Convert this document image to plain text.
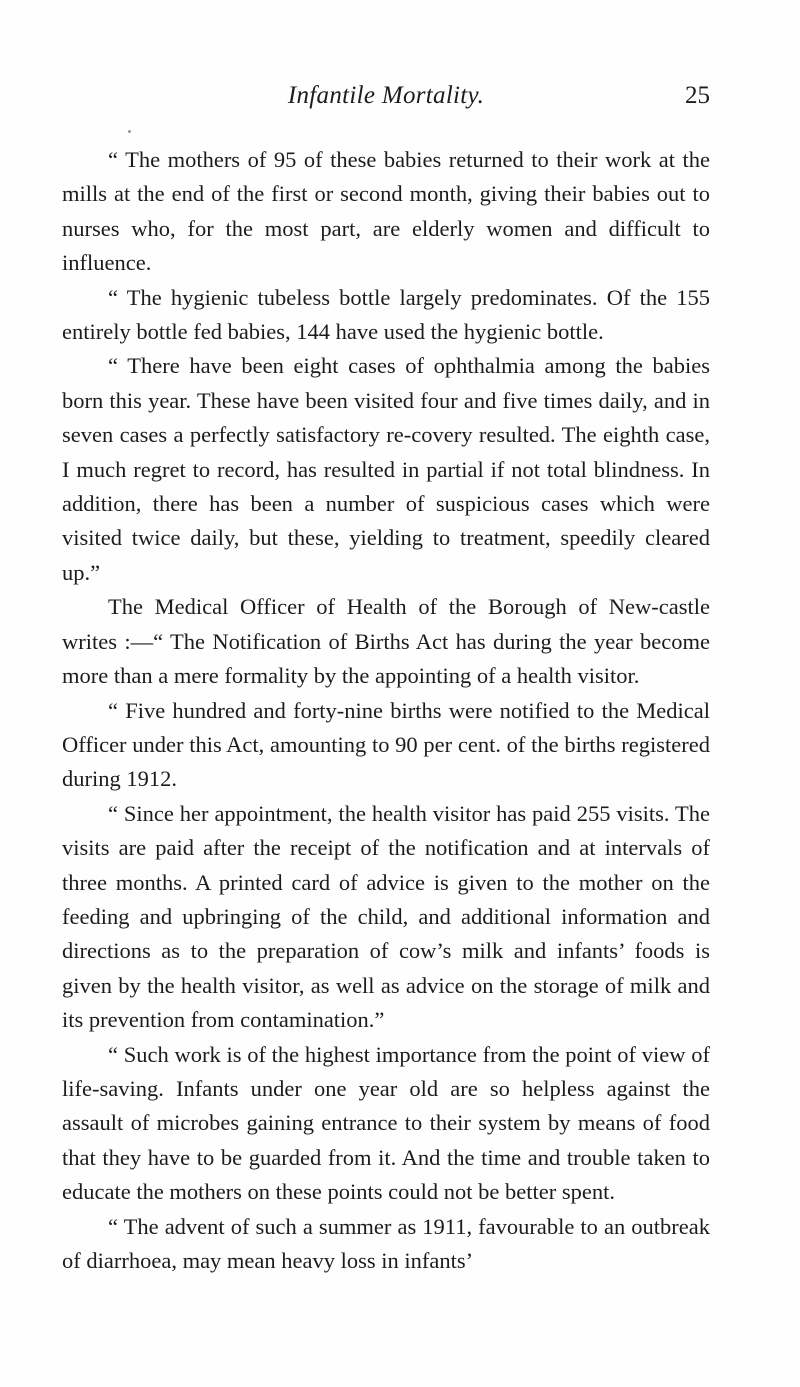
Infantile Mortality.	25

“ The mothers of 95 of these babies returned to their work at the mills at the end of the first or second month, giving their babies out to nurses who, for the most part, are elderly women and difficult to influence.

“ The hygienic tubeless bottle largely predominates. Of the 155 entirely bottle fed babies, 144 have used the hygienic bottle.

“ There have been eight cases of ophthalmia among the babies born this year. These have been visited four and five times daily, and in seven cases a perfectly satisfactory re-covery resulted. The eighth case, I much regret to record, has resulted in partial if not total blindness. In addition, there has been a number of suspicious cases which were visited twice daily, but these, yielding to treatment, speedily cleared up.”

The Medical Officer of Health of the Borough of New-castle writes :—“ The Notification of Births Act has during the year become more than a mere formality by the appointing of a health visitor.

“ Five hundred and forty-nine births were notified to the Medical Officer under this Act, amounting to 90 per cent. of the births registered during 1912.

“ Since her appointment, the health visitor has paid 255 visits. The visits are paid after the receipt of the notification and at intervals of three months. A printed card of advice is given to the mother on the feeding and upbringing of the child, and additional information and directions as to the preparation of cow’s milk and infants’ foods is given by the health visitor, as well as advice on the storage of milk and its prevention from contamination.”

“ Such work is of the highest importance from the point of view of life-saving. Infants under one year old are so helpless against the assault of microbes gaining entrance to their system by means of food that they have to be guarded from it. And the time and trouble taken to educate the mothers on these points could not be better spent.

“ The advent of such a summer as 1911, favourable to an outbreak of diarrhoea, may mean heavy loss in infants’
